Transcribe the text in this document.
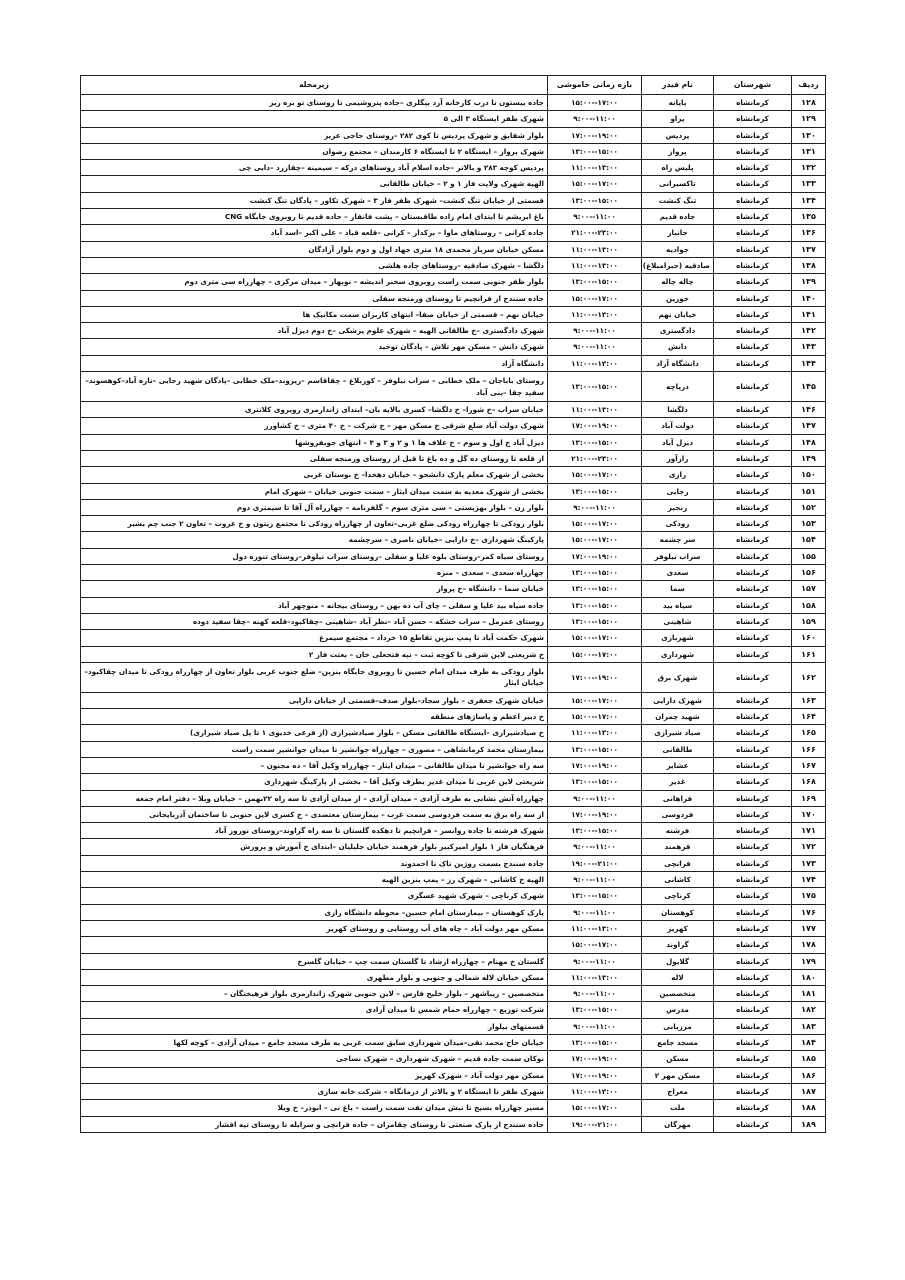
ردیف	شهرستان	نام فیدر	بازه زمانی خاموشی	زیرمحله
۱۲۸	کرمانشاه	پایانه	۱۵:۰۰--۱۷:۰۰	جاده بیستون تا درب کارخانه آرد بیگلری –جاده پتروشیمی تا روستای تو بره ریز
۱۲۹	کرمانشاه	پراو	۹:۰۰--۱۱:۰۰	شهرک ظفر ایستگاه ۳ الی ۵
۱۳۰	کرمانشاه	پردیس	۱۷:۰۰--۱۹:۰۰	بلوار شقایق و شهرک پردیس تا کوی ۲۸۲ –روستای حاجی عزیز
۱۳۱	کرمانشاه	پرواز	۱۳:۰۰--۱۵:۰۰	شهرک پرواز – ایستگاه ۲ تا ایستگاه ۶ کارمندان – مجتمع رضوان
۱۳۲	کرمانشاه	پلیس راه	۱۱:۰۰--۱۳:۰۰	پردیس کوچه ۲۸۳ و بالاتر –جاده اسلام آباد روستاهای درکه – سیمینه –چقازرد –دایی چی
۱۳۳	کرمانشاه	تاکسیرانی	۱۵:۰۰--۱۷:۰۰	الهیه شهرک ولایت فاز ۱ و ۲ – خیابان طالقانی
۱۳۴	کرمانشاه	تنگ کنشت	۱۳:۰۰--۱۵:۰۰	قسمتی از خیابان تنگ کنشت– شهرک ظفر فاز ۳ – شهرک تکاور – پادگان تنگ کنشت
۱۳۵	کرمانشاه	جاده قدیم	۹:۰۰--۱۱:۰۰	باغ ابریشم تا ابتدای امام زاده طاقبستان – پشت فانفار – جاده قدیم تا روبروی جایگاه CNG
۱۳۶	کرمانشاه	جانباز	۲۱:۰۰--۲۳:۰۰	جاده کرانی – روستاهای ماوا – برکدار – کرانی –قلعه قباد – علی اکبر –اسد آباد
۱۳۷	کرمانشاه	جوادیه	۱۱:۰۰--۱۳:۰۰	مسکن خیابان سرباز محمدی ۱۸ متری جهاد اول و دوم بلوار آزادگان
۱۳۸	کرمانشاه	صادقیه (جبرامبلاغ)	۱۱:۰۰--۱۳:۰۰	دلگشا – شهرک صادقیه –روستاهای جاده هلشی
۱۳۹	کرمانشاه	چاله چاله	۱۳:۰۰--۱۵:۰۰	بلوار ظفر جنوبی سمت راست روبروی سخنر اندیشه – نوبهار – میدان مرکزی – چهارراه سی متری دوم
۱۴۰	کرمانشاه	خورین	۱۵:۰۰--۱۷:۰۰	جاده سنندج از فرانچیم تا روستای ورمنجه سفلی
۱۴۱	کرمانشاه	خیابان نهم	۱۱:۰۰--۱۳:۰۰	خیابان نهم – قسمتی از خیابان صفا– انتهای کاربزان سمت مکانیک ها
۱۴۲	کرمانشاه	دادگستری	۹:۰۰--۱۱:۰۰	شهرک دادگستری –خ طالقانی الهیه – شهرک علوم پزشکی –خ دوم دیزل آباد
۱۴۳	کرمانشاه	دانش	۹:۰۰--۱۱:۰۰	شهرک دانش – مسکن مهر تلاش – پادگان توحید
۱۴۴	کرمانشاه	دانشگاه آزاد	۱۱:۰۰--۱۳:۰۰	دانشگاه آزاد
۱۴۵	کرمانشاه	دریاچه	۱۳:۰۰--۱۵:۰۰	روستای باباجان – ملک خطابی – سراب نیلوفر – کوربلاغ – چقاقاسم –ریزوند–ملک خطابی –پادگان شهید رجایی –تازه آباد–کوهسوند–سفید چقا –بنی آباد
۱۴۶	کرمانشاه	دلگشا	۱۱:۰۰--۱۳:۰۰	خیابان سراب –خ شورا– خ دلگشا– کسری بالایه بان– ابتدای ژاندارمری روبروی کلانتری
۱۴۷	کرمانشاه	دولت آباد	۱۷:۰۰--۱۹:۰۰	شهرک دولت آباد ضلع شرقی خ مسکن مهر – خ شرکت – خ ۴۰ متری – خ کشاورز
۱۴۸	کرمانشاه	دیزل آباد	۱۳:۰۰--۱۵:۰۰	دیزل آباد خ اول و سوم – خ علاف ها ۱ و ۲ و ۳ و ۴ – انتهای جوبفروشها
۱۴۹	کرمانشاه	رازآور	۲۱:۰۰--۲۳:۰۰	از قلعه تا روستای ده گل و ده باغ تا قبل از روستای ورمنجه سفلی
۱۵۰	کرمانشاه	رازی	۱۵:۰۰--۱۷:۰۰	بخشی از شهرک معلم پارک دانشجو – خیابان دهخدا– خ بوستان غربی
۱۵۱	کرمانشاه	رجایی	۱۳:۰۰--۱۵:۰۰	بخشی از شهرک معدیه به سمت میدان ایثار – سمت جنوبی خیابان – شهرک امام
۱۵۲	کرمانشاه	رنجبر	۹:۰۰--۱۱:۰۰	بلوار زن – بلوار بهزیستی – سی متری سوم – گلفرنامه – چهارراه آل آقا تا سیمتری دوم
۱۵۳	کرمانشاه	رودکی	۱۵:۰۰--۱۷:۰۰	بلوار رودکی تا چهارراه رودکی ضلع غربی–تعاون از چهارراه رودکی تا مجتمع زیتون و خ عروت – تعاون ۲ جنب چم بشیر
۱۵۴	کرمانشاه	سر چشمه	۱۵:۰۰--۱۷:۰۰	پارکینگ شهرداری –خ دارایی –خیابان ناصری – سرچشمه
۱۵۵	کرمانشاه	سراب نیلوفر	۱۷:۰۰--۱۹:۰۰	روستای سیاه کمر–روستای بلوه علیا و سفلی –روستای سراب نیلوفر–روستای تنوره دول
۱۵۶	کرمانشاه	سعدی	۱۳:۰۰--۱۵:۰۰	چهارراه سعدی – سعدی – منزه
۱۵۷	کرمانشاه	سما	۱۳:۰۰--۱۵:۰۰	خیابان سما – دانشگاه –خ پرواز
۱۵۸	کرمانشاه	سیاه بید	۱۳:۰۰--۱۵:۰۰	جاده سیاه بید علیا و سفلی – چای آب ده بهن – روستای بیجانه – منوچهر آباد
۱۵۹	کرمانشاه	شاهینی	۱۳:۰۰--۱۵:۰۰	روستای عمرمل – سراب خشکه – حسن آباد –نظر آباد –شاهینی –چقاکبود–قلعه کهنه –چقا سفید دوده
۱۶۰	کرمانشاه	شهربازی	۱۵:۰۰--۱۷:۰۰	شهرک حکمت آباد تا پمپ بنزین تقاطع ۱۵ خرداد – مجتمع سیمرغ
۱۶۱	کرمانشاه	شهرداری	۱۵:۰۰--۱۷:۰۰	خ شریعتی لاین شرقی تا کوچه ثبت – تپه فتحعلی خان – بعثت فاز ۲
۱۶۲	کرمانشاه	شهرک برق	۱۷:۰۰--۱۹:۰۰	بلوار رودکی به طرف میدان امام حسین تا روبروی جایگاه بنزین– ضلع جنوب غربی بلوار تعاون از چهارراه رودکی تا میدان چقاکبود– خیابان ایثار
۱۶۳	کرمانشاه	شهرک دارایی	۱۵:۰۰--۱۷:۰۰	خیابان شهرک جعفری – بلوار سجاد–بلوار صدف–قسمتی از خیابان دارایی
۱۶۴	کرمانشاه	شهید چمران	۱۵:۰۰--۱۷:۰۰	خ دبیر اعظم و پاساژهای منطقه
۱۶۵	کرمانشاه	صیاد شیرازی	۱۱:۰۰--۱۳:۰۰	خ صیادشیرازی –ایستگاه طالقانی مسکن – بلوار صیادشیرازی (از فرعی خدیوی ۱ تا پل صیاد شیرازی)
۱۶۶	کرمانشاه	طالقانی	۱۳:۰۰--۱۵:۰۰	بیمارستان محمد کرمانشاهی – مصوری – چهارراه جوانشیر تا میدان جوانشیر سمت راست
۱۶۷	کرمانشاه	عشایر	۱۷:۰۰--۱۹:۰۰	سه راه جوانشیر تا میدان طالقانی – میدان ایثار – چهارراه وکیل آقا – ده مجنون –
۱۶۸	کرمانشاه	غدیر	۱۳:۰۰--۱۵:۰۰	شریعتی لاین غربی تا میدان غدیر بطرف وکیل آقا – بخشی از پارکینگ شهرداری
۱۶۹	کرمانشاه	فراهانی	۹:۰۰--۱۱:۰۰	چهارراه آتش نشانی به طرف آزادی – میدان آزادی – از میدان آزادی تا سه راه ۲۲بهمن – خیابان وبلا – دفتر امام جمعه
۱۷۰	کرمانشاه	فردوسی	۱۷:۰۰--۱۹:۰۰	از سه راه برق به سمت فردوسی سمت غرب – بیمارستان معتضدی – خ کسری لاین جنوبی تا ساختمان آذربایجانی
۱۷۱	کرمانشاه	فرشته	۱۳:۰۰--۱۵:۰۰	شهرک فرشته تا جاده روانسر – فرانچیم تا دهکده گلستان تا سه راه گراوند–روستای نوروز آباد
۱۷۲	کرمانشاه	فرهمند	۹:۰۰--۱۱:۰۰	فرهنگیان فاز ۱ بلوار امیرکبیر بلوار فرهمند خیابان جلیلیان –ابتدای خ آموزش و پرورش
۱۷۳	کرمانشاه	فرانچی	۱۹:۰۰--۲۱:۰۰	جاده سنندج بسمت روژین تاک تا احمدوند
۱۷۴	کرمانشاه	کاشانی	۹:۰۰--۱۱:۰۰	الهیه خ کاشانی – شهرک رز – پمپ بنزین الهیه
۱۷۵	کرمانشاه	کرناچی	۱۳:۰۰--۱۵:۰۰	شهرک کرناچی – شهرک شهید عسگری
۱۷۶	کرمانشاه	کوهستان	۹:۰۰--۱۱:۰۰	پارک کوهستان – بیمارستان امام حسین– محوطه دانشگاه رازی
۱۷۷	کرمانشاه	کهریز	۱۱:۰۰--۱۳:۰۰	مسکن مهر دولت آباد – چاه های آب روستایی و روستای کهریز
۱۷۸	کرمانشاه	گراوند	۱۵:۰۰--۱۷:۰۰	
۱۷۹	کرمانشاه	گلایول	۹:۰۰--۱۱:۰۰	گلستان خ مهنام – چهارراه ارشاد تا گلستان سمت چپ – خیابان گلسرخ
۱۸۰	کرمانشاه	لاله	۱۱:۰۰--۱۳:۰۰	مسکن خیابان لاله شمالی و جنوبی و بلوار مطهری
۱۸۱	کرمانشاه	متخصصین	۹:۰۰--۱۱:۰۰	متخصصین – زیباشهر – بلوار خلیج فارس – لاین جنوبی شهرک ژاندارمری بلوار فرهیختگان –
۱۸۲	کرمانشاه	مدرس	۱۳:۰۰--۱۵:۰۰	شرکت توزیع – چهارراه حمام شمس تا میدان آزادی
۱۸۳	کرمانشاه	مرزبانی	۹:۰۰--۱۱:۰۰	قسمتهای بیلوار
۱۸۴	کرمانشاه	مسجد جامع	۱۳:۰۰--۱۵:۰۰	خیابان حاج محمد تقی–میدان شهرداری سابق سمت غربی به طرف مسجد جامع – میدان آزادی – کوچه لکها
۱۸۵	کرمانشاه	مسکن	۱۷:۰۰--۱۹:۰۰	نوکان سمت جاده قدیم – شهرک شهرداری – شهرک نساجی
۱۸۶	کرمانشاه	مسکن مهر ۲	۱۷:۰۰--۱۹:۰۰	مسکن مهر دولت آباد – شهرک کهریز
۱۸۷	کرمانشاه	معراج	۱۱:۰۰--۱۳:۰۰	شهرک ظفر تا ایستگاه ۲ و بالاتر از درمانگاه – شرکت خانه سازی
۱۸۸	کرمانشاه	ملت	۱۵:۰۰--۱۷:۰۰	مسیر چهارراه بسیج تا نبش میدان نفت سمت راست – باغ نی – ابوذر– خ ویلا
۱۸۹	کرمانشاه	مهرگان	۱۹:۰۰--۲۱:۰۰	جاده سنندج از پارک صنعتی تا روستای چقامران – جاده فرانچی و سرابله تا روستای تپه افشار
